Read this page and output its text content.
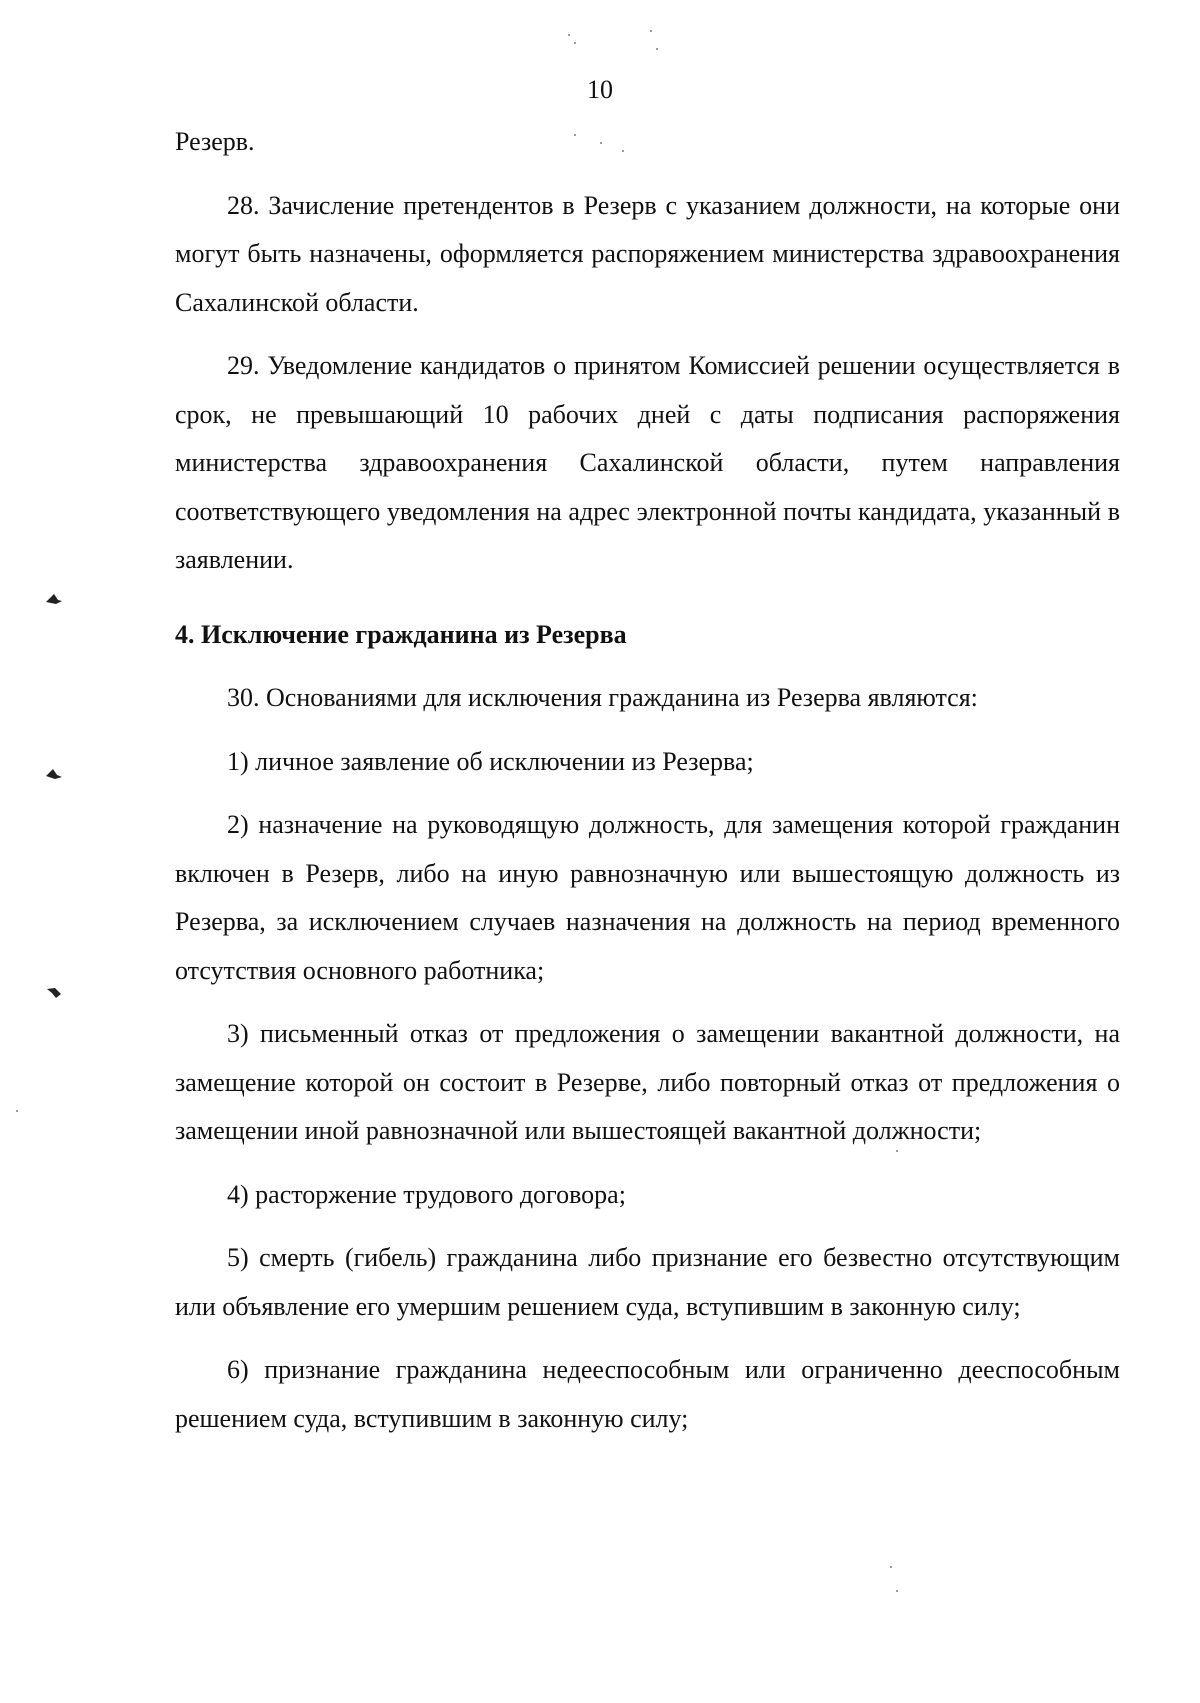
10

Резерв.

28. Зачисление претендентов в Резерв с указанием должности, на которые они могут быть назначены, оформляется распоряжением министерства здравоохранения Сахалинской области.

29. Уведомление кандидатов о принятом Комиссией решении осуществляется в срок, не превышающий 10 рабочих дней с даты подписания распоряжения министерства здравоохранения Сахалинской области, путем направления соответствующего уведомления на адрес электронной почты кандидата, указанный в заявлении.

4. Исключение гражданина из Резерва

30. Основаниями для исключения гражданина из Резерва являются:

1) личное заявление об исключении из Резерва;

2) назначение на руководящую должность, для замещения которой гражданин включен в Резерв, либо на иную равнозначную или вышестоящую должность из Резерва, за исключением случаев назначения на должность на период временного отсутствия основного работника;

3) письменный отказ от предложения о замещении вакантной должности, на замещение которой он состоит в Резерве, либо повторный отказ от предложения о замещении иной равнозначной или вышестоящей вакантной должности;

4) расторжение трудового договора;

5) смерть (гибель) гражданина либо признание его безвестно отсутствующим или объявление его умершим решением суда, вступившим в законную силу;

6) признание гражданина недееспособным или ограниченно дееспособным решением суда, вступившим в законную силу;
